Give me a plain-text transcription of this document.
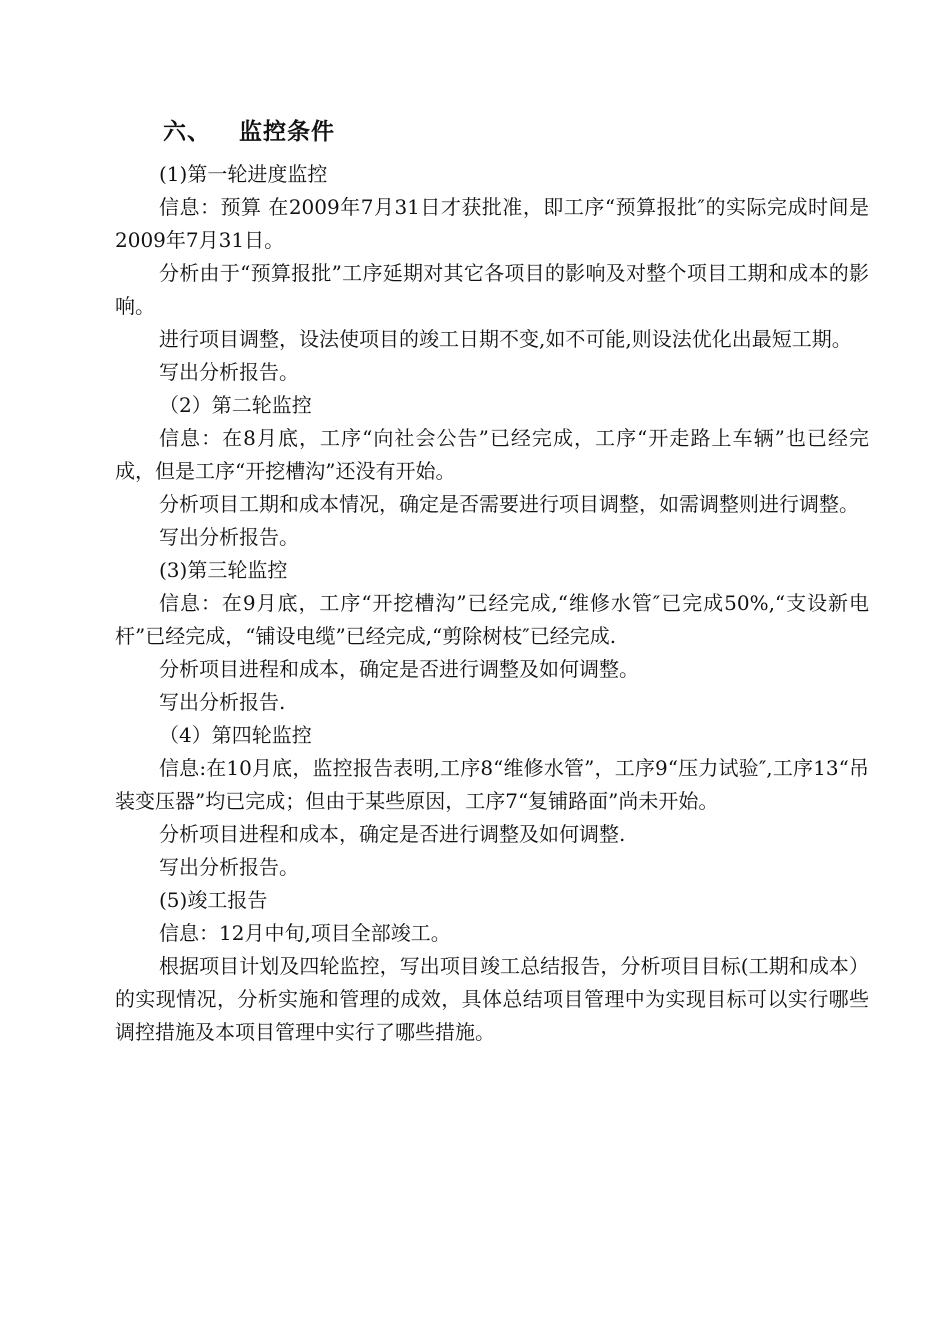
六、 监控条件

(1)第一轮进度监控

信息：预算 在2009年7月31日才获批准，即工序“预算报批″的实际完成时间是2009年7月31日。

分析由于“预算报批”工序延期对其它各项目的影响及对整个项目工期和成本的影响。

进行项目调整，设法使项目的竣工日期不变,如不可能,则设法优化出最短工期。

写出分析报告。

（2）第二轮监控

信息：在8月底，工序“向社会公告”已经完成，工序“开走路上车辆”也已经完成，但是工序“开挖槽沟”还没有开始。

分析项目工期和成本情况，确定是否需要进行项目调整，如需调整则进行调整。

写出分析报告。

(3)第三轮监控

信息：在9月底，工序“开挖槽沟”已经完成,“维修水管″已完成50%,“支设新电杆”已经完成，“铺设电缆”已经完成,“剪除树枝″已经完成.

分析项目进程和成本，确定是否进行调整及如何调整。

写出分析报告.

（4）第四轮监控

信息:在10月底，监控报告表明,工序8“维修水管”，工序9“压力试验″,工序13“吊装变压器”均已完成；但由于某些原因，工序7“复铺路面”尚未开始。

分析项目进程和成本，确定是否进行调整及如何调整.

写出分析报告。

(5)竣工报告

信息：12月中旬,项目全部竣工。

根据项目计划及四轮监控，写出项目竣工总结报告，分析项目目标(工期和成本）的实现情况，分析实施和管理的成效，具体总结项目管理中为实现目标可以实行哪些调控措施及本项目管理中实行了哪些措施。
